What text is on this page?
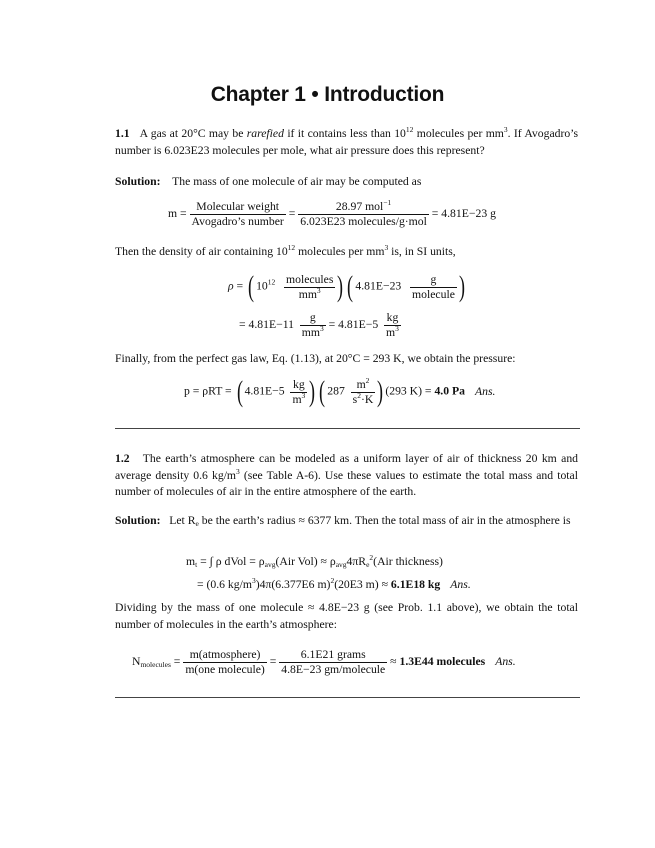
Chapter 1 • Introduction
1.1 A gas at 20°C may be rarefied if it contains less than $10^{12}$ molecules per $mm^3$. If Avogadro’s number is 6.023E23 molecules per mole, what air pressure does this represent?
Solution: The mass of one molecule of air may be computed as
$m = \frac{\text{Molecular weight}}{\text{Avogadro’s number}} = \frac{28.97 mol^{-1}}{\text{6.023E23 molecules/g·mol}} = 4.81E-23$ g
Then the density of air containing $10^{12}$ molecules per $mm^3$ is, in SI units,
ρ = ( $10^{12} \frac{\text{molecules}}{mm^3}$ ) ( $4.81E-23 \frac{g}{\text{molecule}}$ )
= $4.81E-11 \frac{g}{mm^3} = 4.81E-5 \frac{kg}{m^3}$
Finally, from the perfect gas law, Eq. (1.13), at 20°C = 293 K, we obtain the pressure:
p = ρRT = ( $4.81E-5 \frac{kg}{m^3}$ ) ( $287 \frac{m^2}{s^2\cdot K}$ ) (293 K) = 4.0 Pa Ans.
1.2 The earth’s atmosphere can be modeled as a uniform layer of air of thickness 20 km and average density 0.6 $kg/m^3$ (see Table A-6). Use these values to estimate the total mass and total number of molecules of air in the entire atmosphere of the earth.
Solution: Let $R_e$ be the earth’s radius ≈ 6377 km. Then the total mass of air in the atmosphere is
$m_t$ = ∫ ρ dVol = $\rho_{avg}(Air$ $Vol) \approx \rho_{avg}4\pi R_e^2(Air$ thickness)
= (0.6 $kg/m^3)4\pi(6.377E6$ m)$^2$(20E3 m) ≈ 6.1E18 kg Ans.
Dividing by the mass of one molecule ≈ 4.8E−23 g (see Prob. 1.1 above), we obtain the total number of molecules in the earth’s atmosphere:
$N_{molecules} = \frac{\text{m(atmosphere)}}{\text{m(one molecule)}} = \frac{\text{6.1E21 grams}}{\text{4.8E−23 gm/molecule}} \approx 1.3E44$ molecules Ans.
